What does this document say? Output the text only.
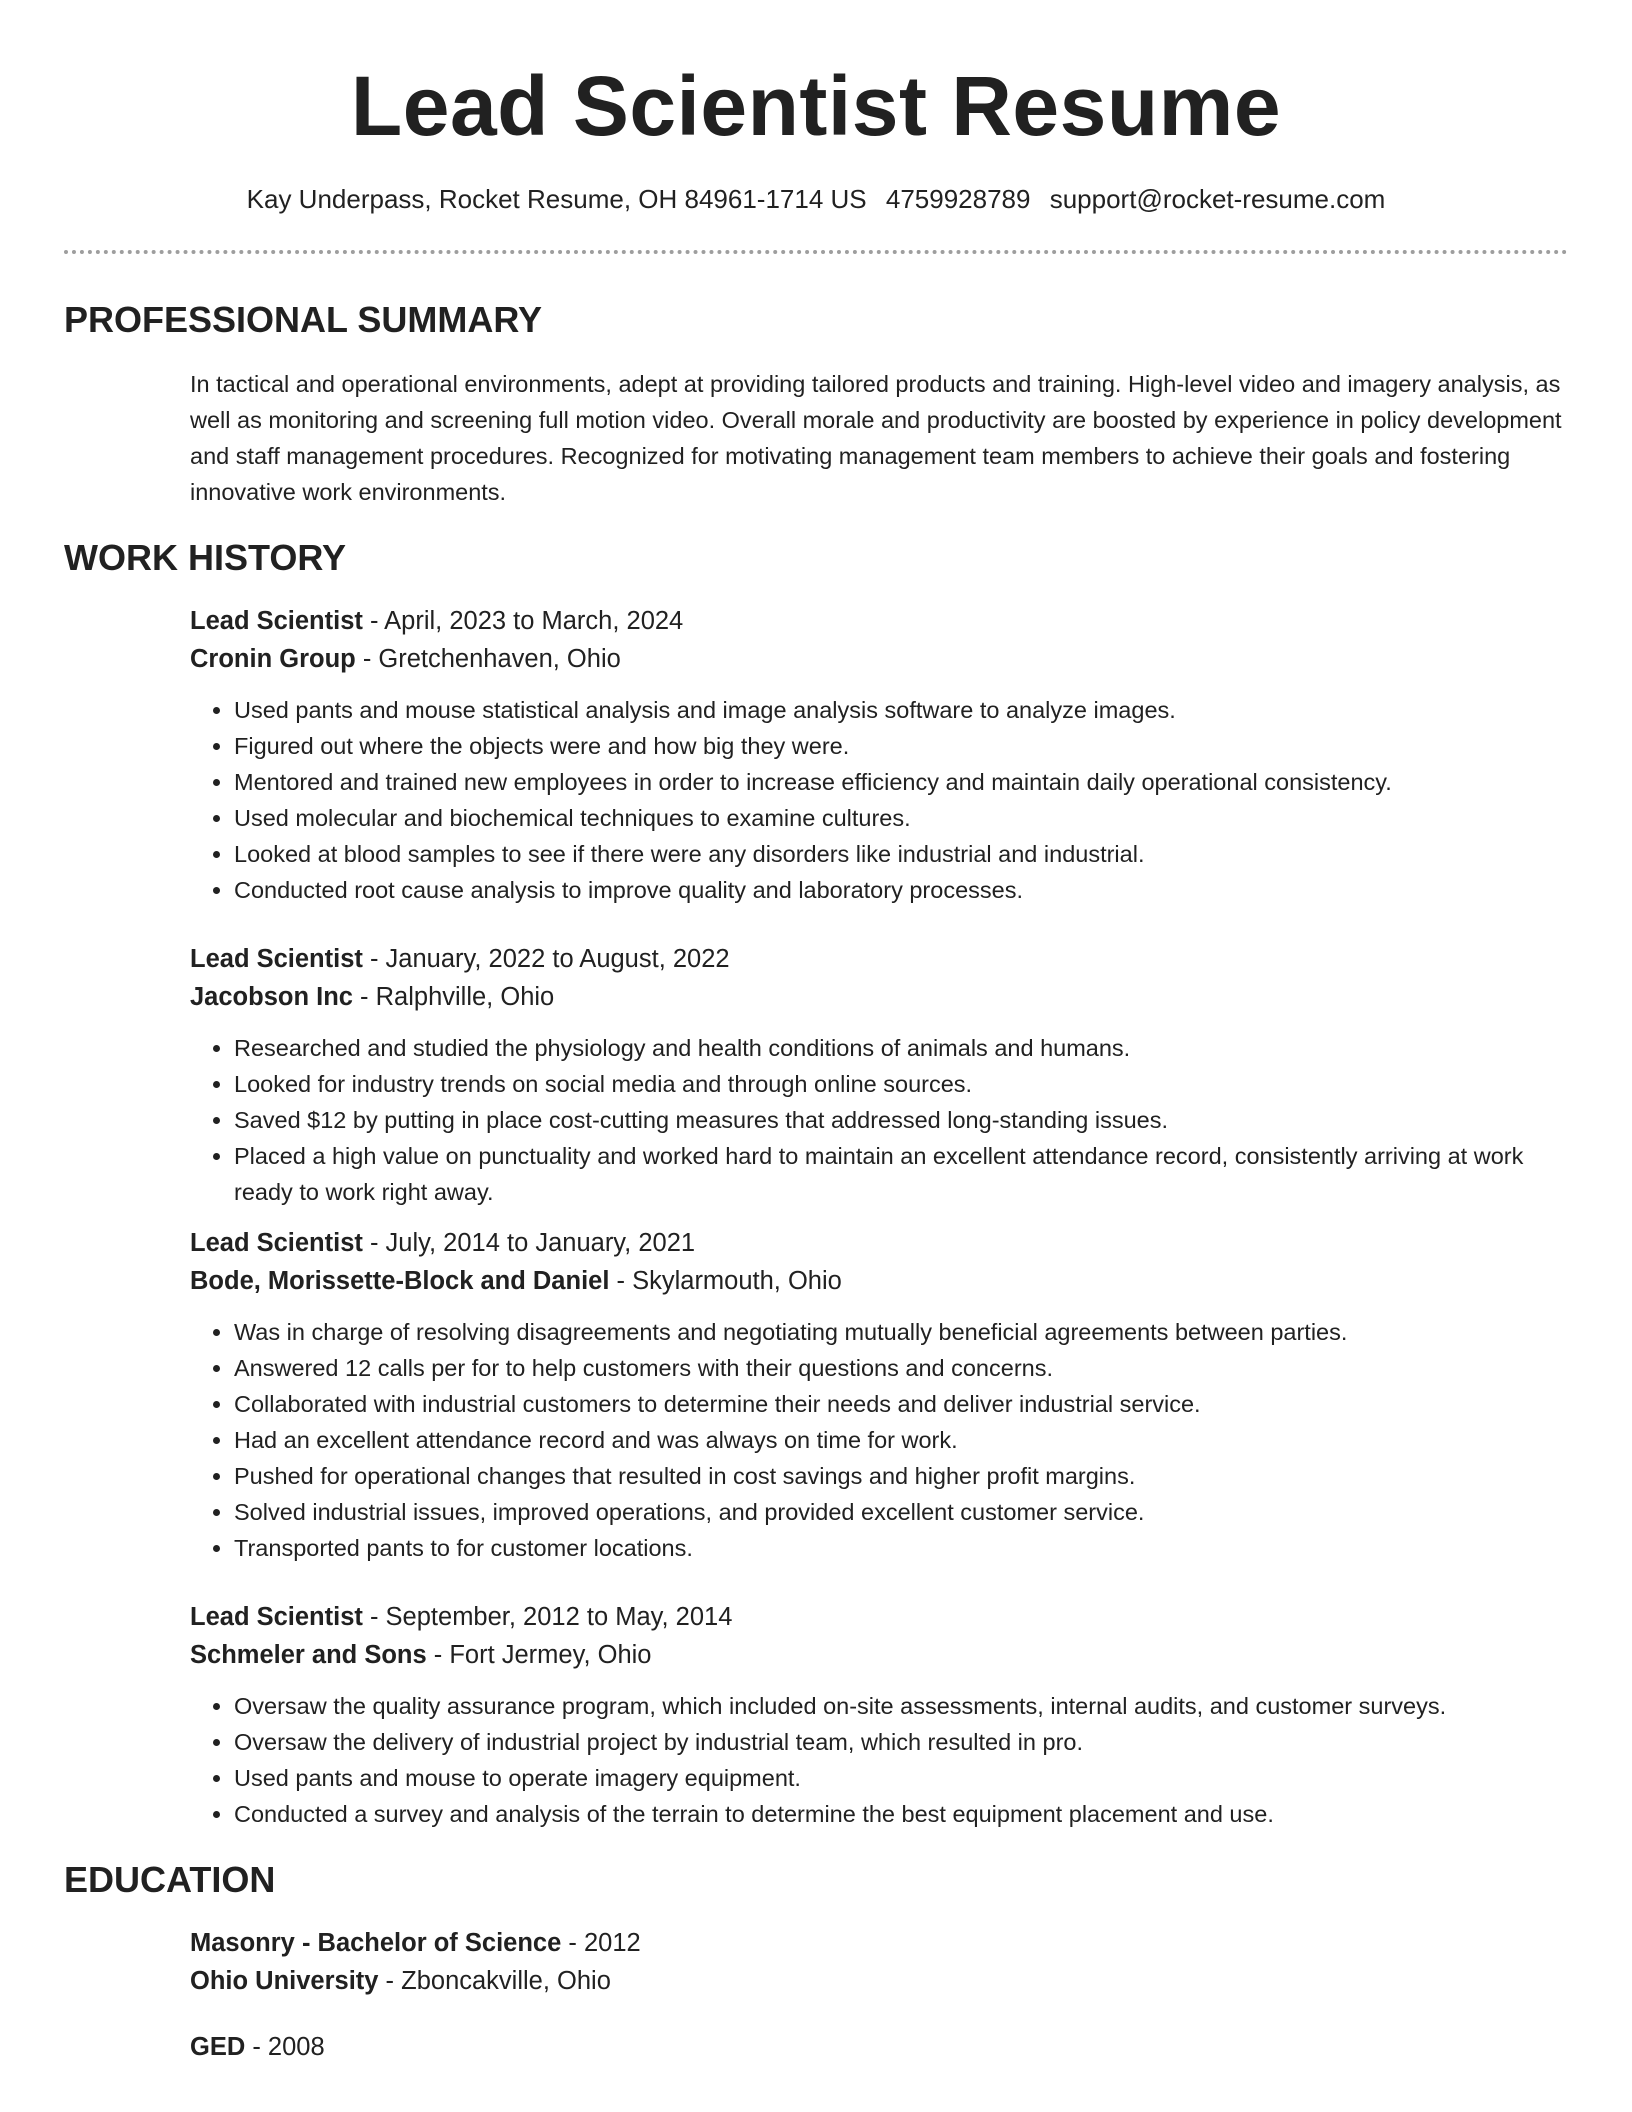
Lead Scientist Resume
Kay Underpass, Rocket Resume, OH 84961-1714 US 4759928789 support@rocket-resume.com
PROFESSIONAL SUMMARY

In tactical and operational environments, adept at providing tailored products and training. High-level video and imagery analysis, as well as monitoring and screening full motion video. Overall morale and productivity are boosted by experience in policy development and staff management procedures. Recognized for motivating management team members to achieve their goals and fostering innovative work environments.

WORK HISTORY
Lead Scientist - April, 2023 to March, 2024
Cronin Group - Gretchenhaven, Ohio
• Used pants and mouse statistical analysis and image analysis software to analyze images.
• Figured out where the objects were and how big they were.
• Mentored and trained new employees in order to increase efficiency and maintain daily operational consistency.
• Used molecular and biochemical techniques to examine cultures.
• Looked at blood samples to see if there were any disorders like industrial and industrial.
• Conducted root cause analysis to improve quality and laboratory processes.
Lead Scientist - January, 2022 to August, 2022
Jacobson Inc - Ralphville, Ohio
• Researched and studied the physiology and health conditions of animals and humans.
• Looked for industry trends on social media and through online sources.
• Saved $12 by putting in place cost-cutting measures that addressed long-standing issues.
• Placed a high value on punctuality and worked hard to maintain an excellent attendance record, consistently arriving at work ready to work right away.
Lead Scientist - July, 2014 to January, 2021
Bode, Morissette-Block and Daniel - Skylarmouth, Ohio
• Was in charge of resolving disagreements and negotiating mutually beneficial agreements between parties.
• Answered 12 calls per for to help customers with their questions and concerns.
• Collaborated with industrial customers to determine their needs and deliver industrial service.
• Had an excellent attendance record and was always on time for work.
• Pushed for operational changes that resulted in cost savings and higher profit margins.
• Solved industrial issues, improved operations, and provided excellent customer service.
• Transported pants to for customer locations.
Lead Scientist - September, 2012 to May, 2014
Schmeler and Sons - Fort Jermey, Ohio
• Oversaw the quality assurance program, which included on-site assessments, internal audits, and customer surveys.
• Oversaw the delivery of industrial project by industrial team, which resulted in pro.
• Used pants and mouse to operate imagery equipment.
• Conducted a survey and analysis of the terrain to determine the best equipment placement and use.
EDUCATION
Masonry - Bachelor of Science - 2012
Ohio University - Zboncakville, Ohio
GED - 2008
